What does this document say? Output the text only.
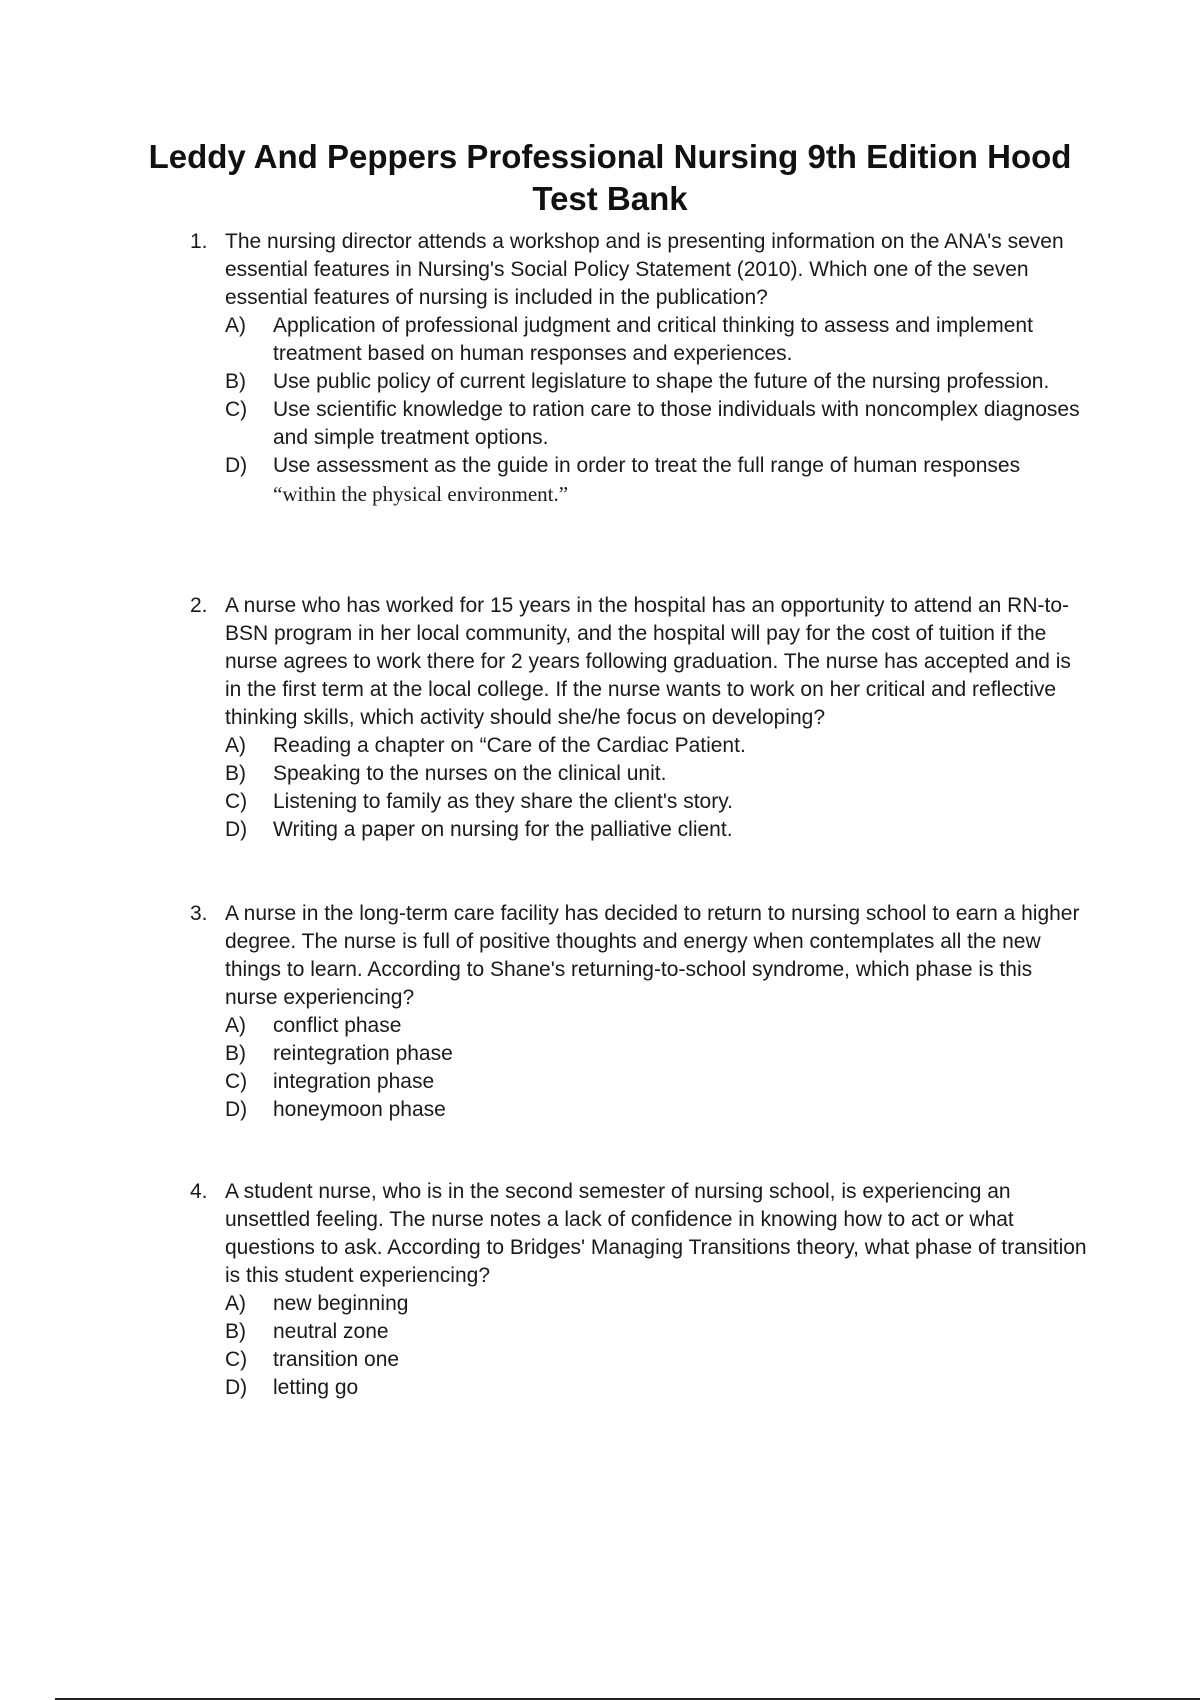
Leddy And Peppers Professional Nursing 9th Edition Hood Test Bank
1. The nursing director attends a workshop and is presenting information on the ANA's seven essential features in Nursing's Social Policy Statement (2010). Which one of the seven essential features of nursing is included in the publication?
A) Application of professional judgment and critical thinking to assess and implement treatment based on human responses and experiences.
B) Use public policy of current legislature to shape the future of the nursing profession.
C) Use scientific knowledge to ration care to those individuals with noncomplex diagnoses and simple treatment options.
D) Use assessment as the guide in order to treat the full range of human responses
“within the physical environment.”
2. A nurse who has worked for 15 years in the hospital has an opportunity to attend an RN-to-BSN program in her local community, and the hospital will pay for the cost of tuition if the nurse agrees to work there for 2 years following graduation. The nurse has accepted and is in the first term at the local college. If the nurse wants to work on her critical and reflective thinking skills, which activity should she/he focus on developing?
A) Reading a chapter on “Care of the Cardiac Patient.
B) Speaking to the nurses on the clinical unit.
C) Listening to family as they share the client's story.
D) Writing a paper on nursing for the palliative client.
3. A nurse in the long-term care facility has decided to return to nursing school to earn a higher degree. The nurse is full of positive thoughts and energy when contemplates all the new things to learn. According to Shane's returning-to-school syndrome, which phase is this nurse experiencing?
A) conflict phase
B) reintegration phase
C) integration phase
D) honeymoon phase
4. A student nurse, who is in the second semester of nursing school, is experiencing an unsettled feeling. The nurse notes a lack of confidence in knowing how to act or what questions to ask. According to Bridges' Managing Transitions theory, what phase of transition is this student experiencing?
A) new beginning
B) neutral zone
C) transition one
D) letting go
